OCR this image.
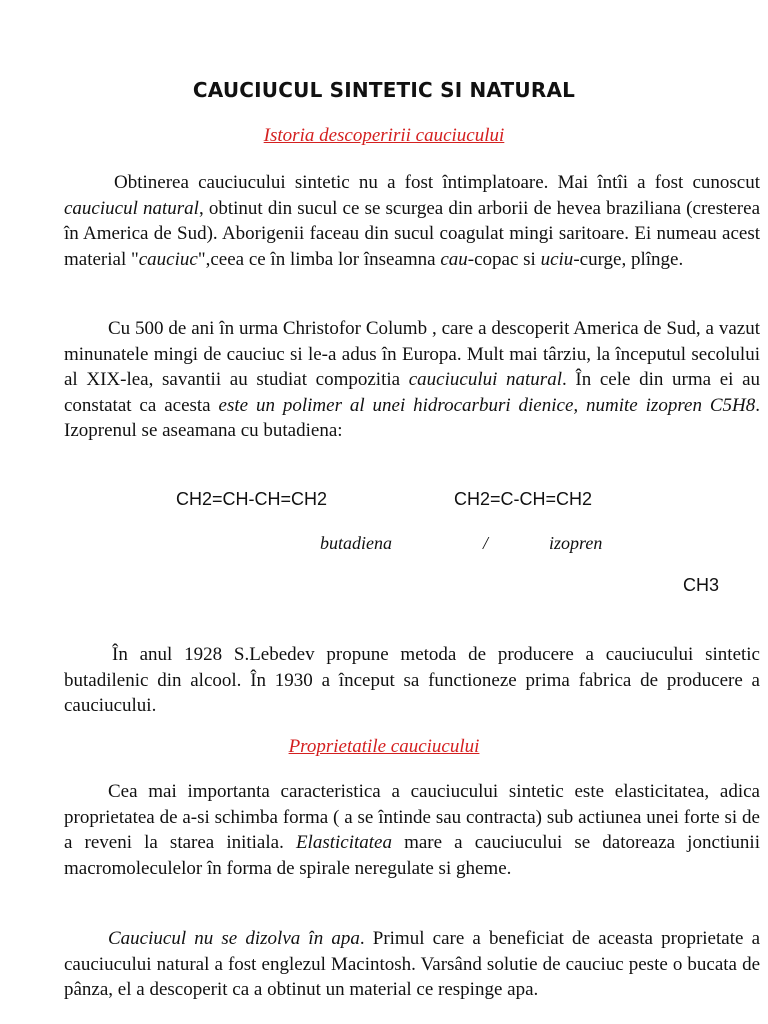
CAUCIUCUL SINTETIC SI NATURAL
Istoria descoperirii cauciucului

Obtinerea cauciucului sintetic nu a fost întimplatoare. Mai întîi a fost cunoscut cauciucul natural, obtinut din sucul ce se scurgea din arborii de hevea braziliana (cresterea în America de Sud). Aborigenii faceau din sucul coagulat mingi saritoare. Ei numeau acest material "cauciuc",ceea ce în limba lor înseamna cau-copac si uciu-curge, plînge.

Cu 500 de ani în urma Christofor Columb , care a descoperit America de Sud, a vazut minunatele mingi de cauciuc si le-a adus în Europa. Mult mai târziu, la începutul secolului al XIX-lea, savantii au studiat compozitia cauciucului natural. În cele din urma ei au constatat ca acesta este un polimer al unei hidrocarburi dienice, numite izopren C5H8. Izoprenul se aseamana cu butadiena:

CH2=CH-CH=CH2	CH2=C-CH=CH2
butadiena	/	izopren
CH3

În anul 1928 S.Lebedev propune metoda de producere a cauciucului sintetic butadilenic din alcool. În 1930 a început sa functioneze prima fabrica de producere a cauciucului.

Proprietatile cauciucului

Cea mai importanta caracteristica a cauciucului sintetic este elasticitatea, adica proprietatea de a-si schimba forma ( a se întinde sau contracta) sub actiunea unei forte si de a reveni la starea initiala. Elasticitatea mare a cauciucului se datoreaza jonctiunii macromoleculelor în forma de spirale neregulate si gheme.

Cauciucul nu se dizolva în apa. Primul care a beneficiat de aceasta proprietate a cauciucului natural a fost englezul Macintosh. Varsând solutie de cauciuc peste o bucata de pânza, el a descoperit ca a obtinut un material ce respinge apa.
